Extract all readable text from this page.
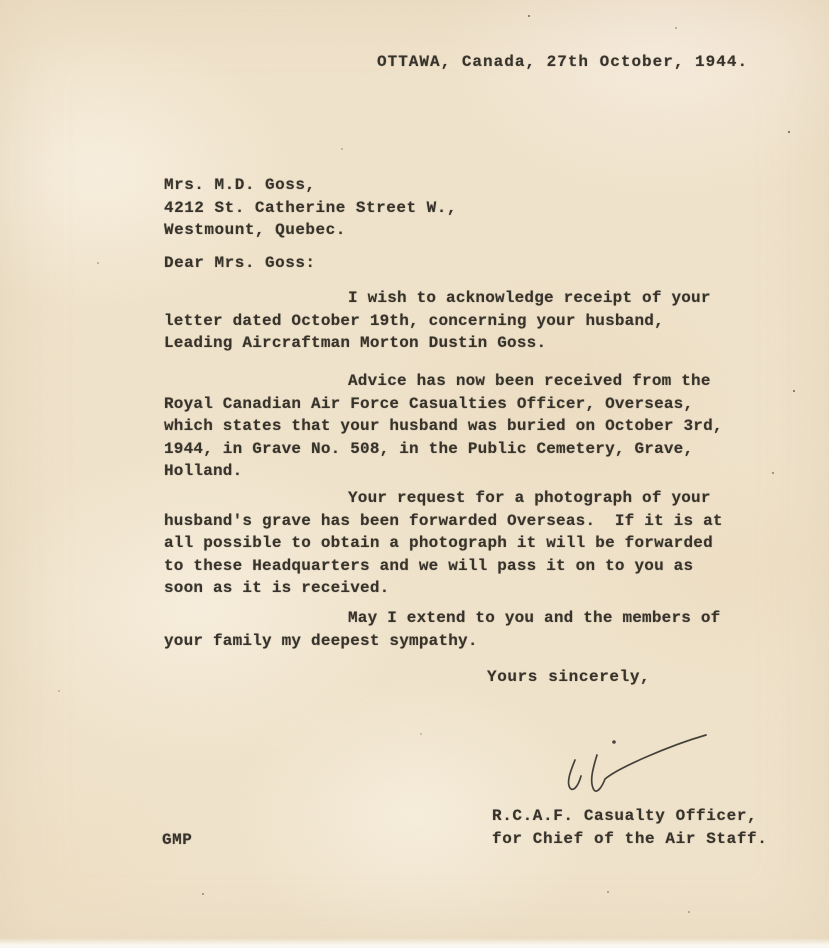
OTTAWA, Canada, 27th October, 1944.
Mrs. M.D. Goss,
4212 St. Catherine Street W.,
Westmount, Quebec.
Dear Mrs. Goss:
I wish to acknowledge receipt of your
letter dated October 19th, concerning your husband,
Leading Aircraftman Morton Dustin Goss.
Advice has now been received from the
Royal Canadian Air Force Casualties Officer, Overseas,
which states that your husband was buried on October 3rd,
1944, in Grave No. 508, in the Public Cemetery, Grave,
Holland.
Your request for a photograph of your
husband's grave has been forwarded Overseas.  If it is at
all possible to obtain a photograph it will be forwarded
to these Headquarters and we will pass it on to you as
soon as it is received.
May I extend to you and the members of
your family my deepest sympathy.
Yours sincerely,
R.C.A.F. Casualty Officer,
for Chief of the Air Staff.
GMP
